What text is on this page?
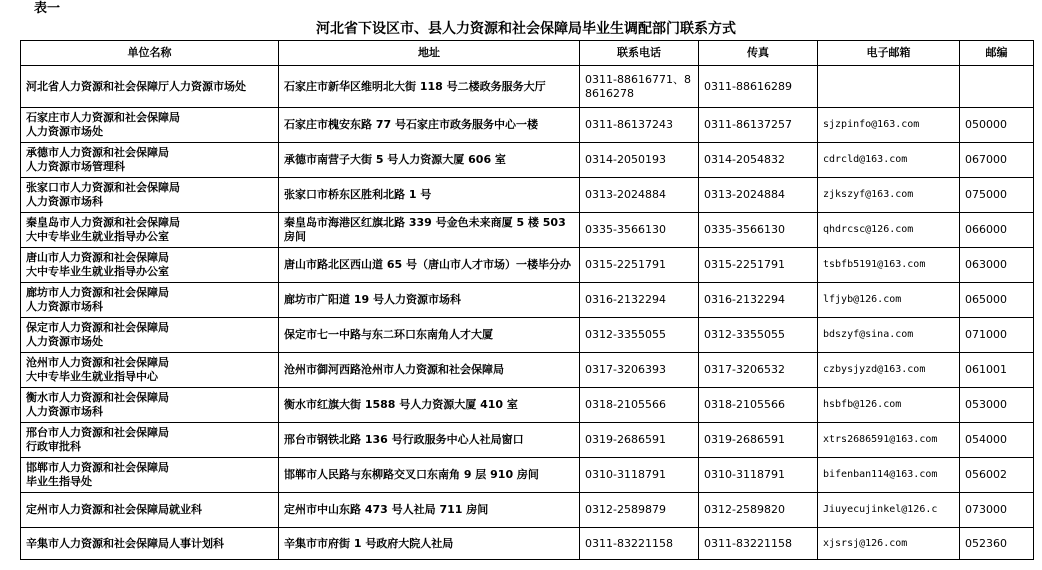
表一
河北省下设区市、县人力资源和社会保障局毕业生调配部门联系方式
单位名称	地址	联系电话	传真	电子邮箱	邮编
河北省人力资源和社会保障厅人力资源市场处	石家庄市新华区维明北大街 118 号二楼政务服务大厅	0311-88616771、88616278	0311-88616289		
石家庄市人力资源和社会保障局
人力资源市场处	石家庄市槐安东路 77 号石家庄市政务服务中心一楼	0311-86137243	0311-86137257	sjzpinfo@163.com	050000
承德市人力资源和社会保障局
人力资源市场管理科	承德市南营子大街 5 号人力资源大厦 606 室	0314-2050193	0314-2054832	cdrcld@163.com	067000
张家口市人力资源和社会保障局
人力资源市场科	张家口市桥东区胜利北路 1 号	0313-2024884	0313-2024884	zjkszyf@163.com	075000
秦皇岛市人力资源和社会保障局
大中专毕业生就业指导办公室	秦皇岛市海港区红旗北路 339 号金色未来商厦 5 楼 503 房间	0335-3566130	0335-3566130	qhdrcsc@126.com	066000
唐山市人力资源和社会保障局
大中专毕业生就业指导办公室	唐山市路北区西山道 65 号（唐山市人才市场）一楼毕分办	0315-2251791	0315-2251791	tsbfb5191@163.com	063000
廊坊市人力资源和社会保障局
人力资源市场科	廊坊市广阳道 19 号人力资源市场科	0316-2132294	0316-2132294	lfjyb@126.com	065000
保定市人力资源和社会保障局
人力资源市场处	保定市七一中路与东二环口东南角人才大厦	0312-3355055	0312-3355055	bdszyf@sina.com	071000
沧州市人力资源和社会保障局
大中专毕业生就业指导中心	沧州市御河西路沧州市人力资源和社会保障局	0317-3206393	0317-3206532	czbysjyzd@163.com	061001
衡水市人力资源和社会保障局
人力资源市场科	衡水市红旗大街 1588 号人力资源大厦 410 室	0318-2105566	0318-2105566	hsbfb@126.com	053000
邢台市人力资源和社会保障局
行政审批科	邢台市钢铁北路 136 号行政服务中心人社局窗口	0319-2686591	0319-2686591	xtrs2686591@163.com	054000
邯郸市人力资源和社会保障局
毕业生指导处	邯郸市人民路与东柳路交叉口东南角 9 层 910 房间	0310-3118791	0310-3118791	bifenban114@163.com	056002
定州市人力资源和社会保障局就业科	定州市中山东路 473 号人社局 711 房间	0312-2589879	0312-2589820	Jiuyecujinkel@126.c	073000
辛集市人力资源和社会保障局人事计划科	辛集市市府街 1 号政府大院人社局	0311-83221158	0311-83221158	xjsrsj@126.com	052360
